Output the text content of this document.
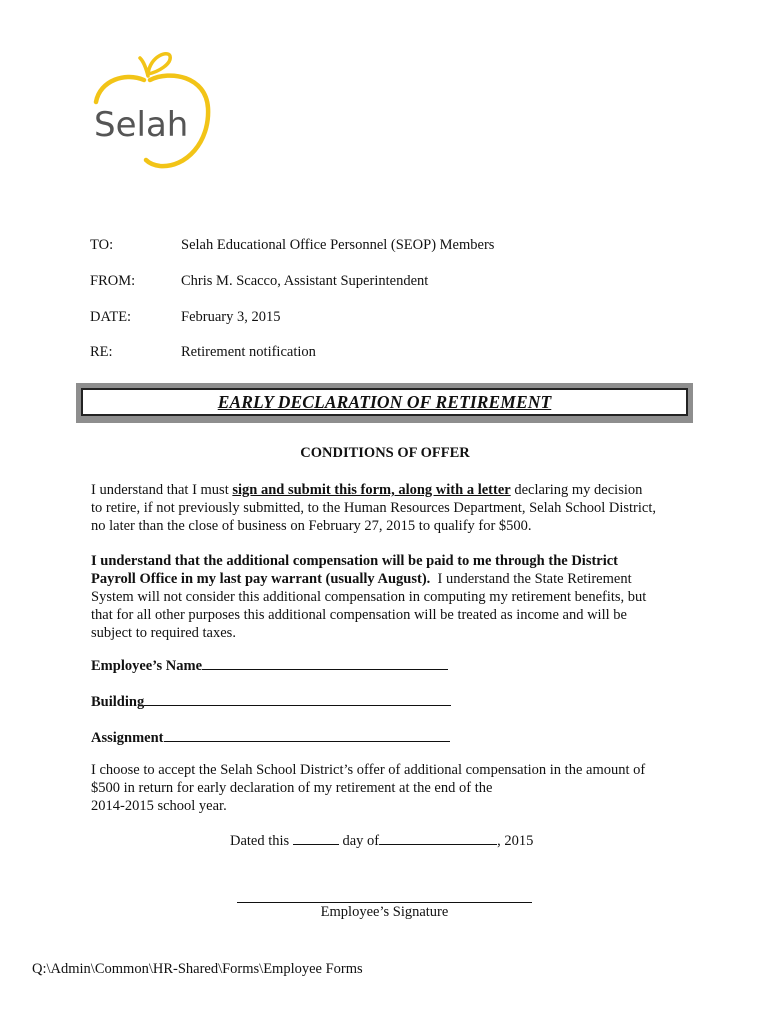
Selah
TO:	Selah Educational Office Personnel (SEOP) Members
FROM:	Chris M. Scacco, Assistant Superintendent
DATE:	February 3, 2015
RE:	Retirement notification
EARLY DECLARATION OF RETIREMENT
CONDITIONS OF OFFER
I understand that I must sign and submit this form, along with a letter declaring my decision
to retire, if not previously submitted, to the Human Resources Department, Selah School District,
no later than the close of business on February 27, 2015 to qualify for $500.
I understand that the additional compensation will be paid to me through the District
Payroll Office in my last pay warrant (usually August).  I understand the State Retirement
System will not consider this additional compensation in computing my retirement benefits, but
that for all other purposes this additional compensation will be treated as income and will be
subject to required taxes.
Employee’s Name
Building
Assignment
I choose to accept the Selah School District’s offer of additional compensation in the amount of
$500 in return for early declaration of my retirement at the end of the
2014-2015 school year.
Dated this	day of	, 2015
Employee’s Signature
Q:\Admin\Common\HR-Shared\Forms\Employee Forms
